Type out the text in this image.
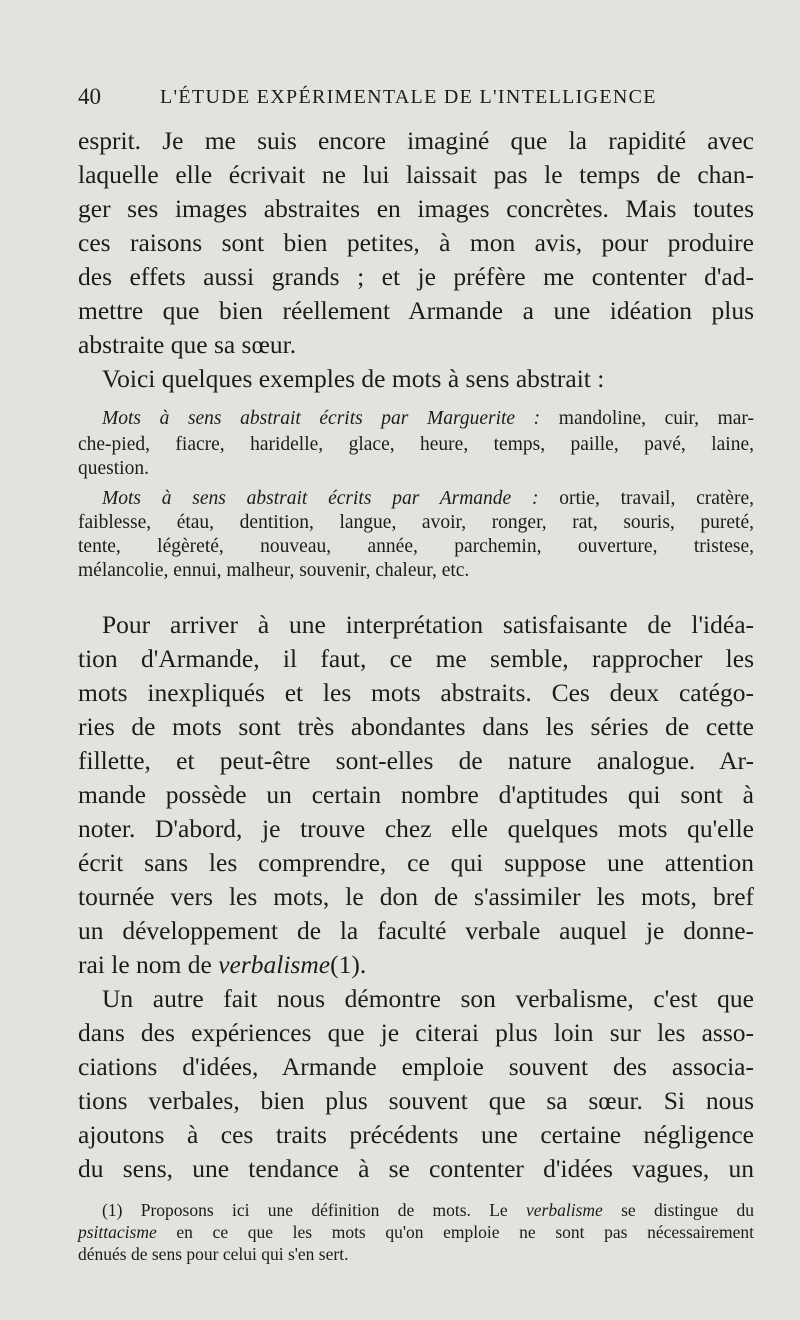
40	L'ÉTUDE EXPÉRIMENTALE DE L'INTELLIGENCE
esprit. Je me suis encore imaginé que la rapidité avec
laquelle elle écrivait ne lui laissait pas le temps de chan-
ger ses images abstraites en images concrètes. Mais toutes
ces raisons sont bien petites, à mon avis, pour produire
des effets aussi grands ; et je préfère me contenter d'ad-
mettre que bien réellement Armande a une idéation plus
abstraite que sa sœur.
Voici quelques exemples de mots à sens abstrait :
Mots à sens abstrait écrits par Marguerite : mandoline, cuir, mar-
che-pied, fiacre, haridelle, glace, heure, temps, paille, pavé, laine,
question.
Mots à sens abstrait écrits par Armande : ortie, travail, cratère,
faiblesse, étau, dentition, langue, avoir, ronger, rat, souris, pureté,
tente, légèreté, nouveau, année, parchemin, ouverture, tristese,
mélancolie, ennui, malheur, souvenir, chaleur, etc.
Pour arriver à une interprétation satisfaisante de l'idéa-
tion d'Armande, il faut, ce me semble, rapprocher les
mots inexpliqués et les mots abstraits. Ces deux catégo-
ries de mots sont très abondantes dans les séries de cette
fillette, et peut-être sont-elles de nature analogue. Ar-
mande possède un certain nombre d'aptitudes qui sont à
noter. D'abord, je trouve chez elle quelques mots qu'elle
écrit sans les comprendre, ce qui suppose une attention
tournée vers les mots, le don de s'assimiler les mots, bref
un développement de la faculté verbale auquel je donne-
rai le nom de verbalisme(1).
Un autre fait nous démontre son verbalisme, c'est que
dans des expériences que je citerai plus loin sur les asso-
ciations d'idées, Armande emploie souvent des associa-
tions verbales, bien plus souvent que sa sœur. Si nous
ajoutons à ces traits précédents une certaine négligence
du sens, une tendance à se contenter d'idées vagues, un
(1) Proposons ici une définition de mots. Le verbalisme se distingue du
psittacisme en ce que les mots qu'on emploie ne sont pas nécessairement
dénués de sens pour celui qui s'en sert.
